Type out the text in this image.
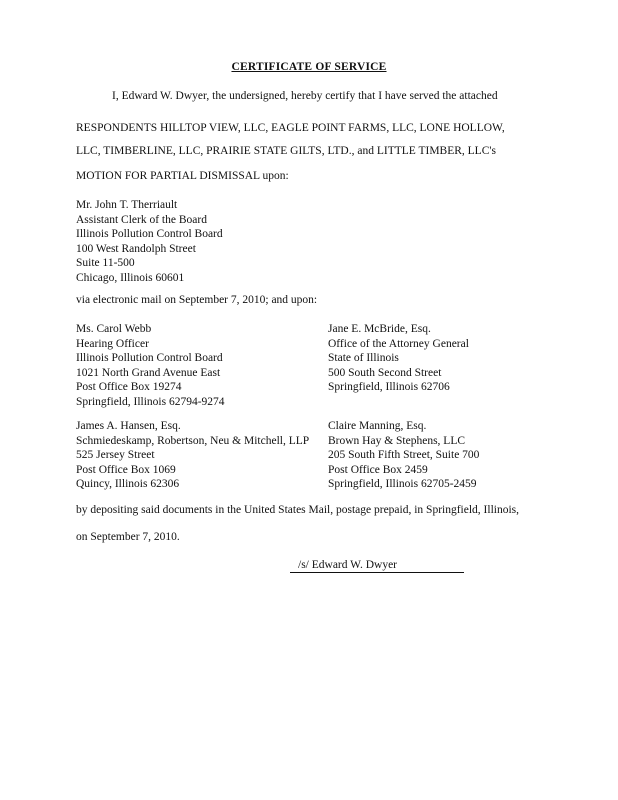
CERTIFICATE OF SERVICE
I, Edward W. Dwyer, the undersigned, hereby certify that I have served the attached
RESPONDENTS HILLTOP VIEW, LLC, EAGLE POINT FARMS, LLC, LONE HOLLOW,
LLC, TIMBERLINE, LLC, PRAIRIE STATE GILTS, LTD., and LITTLE TIMBER, LLC's
MOTION FOR PARTIAL DISMISSAL upon:
Mr. John T. Therriault
Assistant Clerk of the Board
Illinois Pollution Control Board
100 West Randolph Street
Suite 11-500
Chicago, Illinois 60601
via electronic mail on September 7, 2010; and upon:
Ms. Carol Webb
Hearing Officer
Illinois Pollution Control Board
1021 North Grand Avenue East
Post Office Box 19274
Springfield, Illinois 62794-9274
Jane E. McBride, Esq.
Office of the Attorney General
State of Illinois
500 South Second Street
Springfield, Illinois 62706
James A. Hansen, Esq.
Schmiedeskamp, Robertson, Neu & Mitchell, LLP
525 Jersey Street
Post Office Box 1069
Quincy, Illinois 62306
Claire Manning, Esq.
Brown Hay & Stephens, LLC
205 South Fifth Street, Suite 700
Post Office Box 2459
Springfield, Illinois 62705-2459
by depositing said documents in the United States Mail, postage prepaid, in Springfield, Illinois,
on September 7, 2010.
/s/ Edward W. Dwyer
